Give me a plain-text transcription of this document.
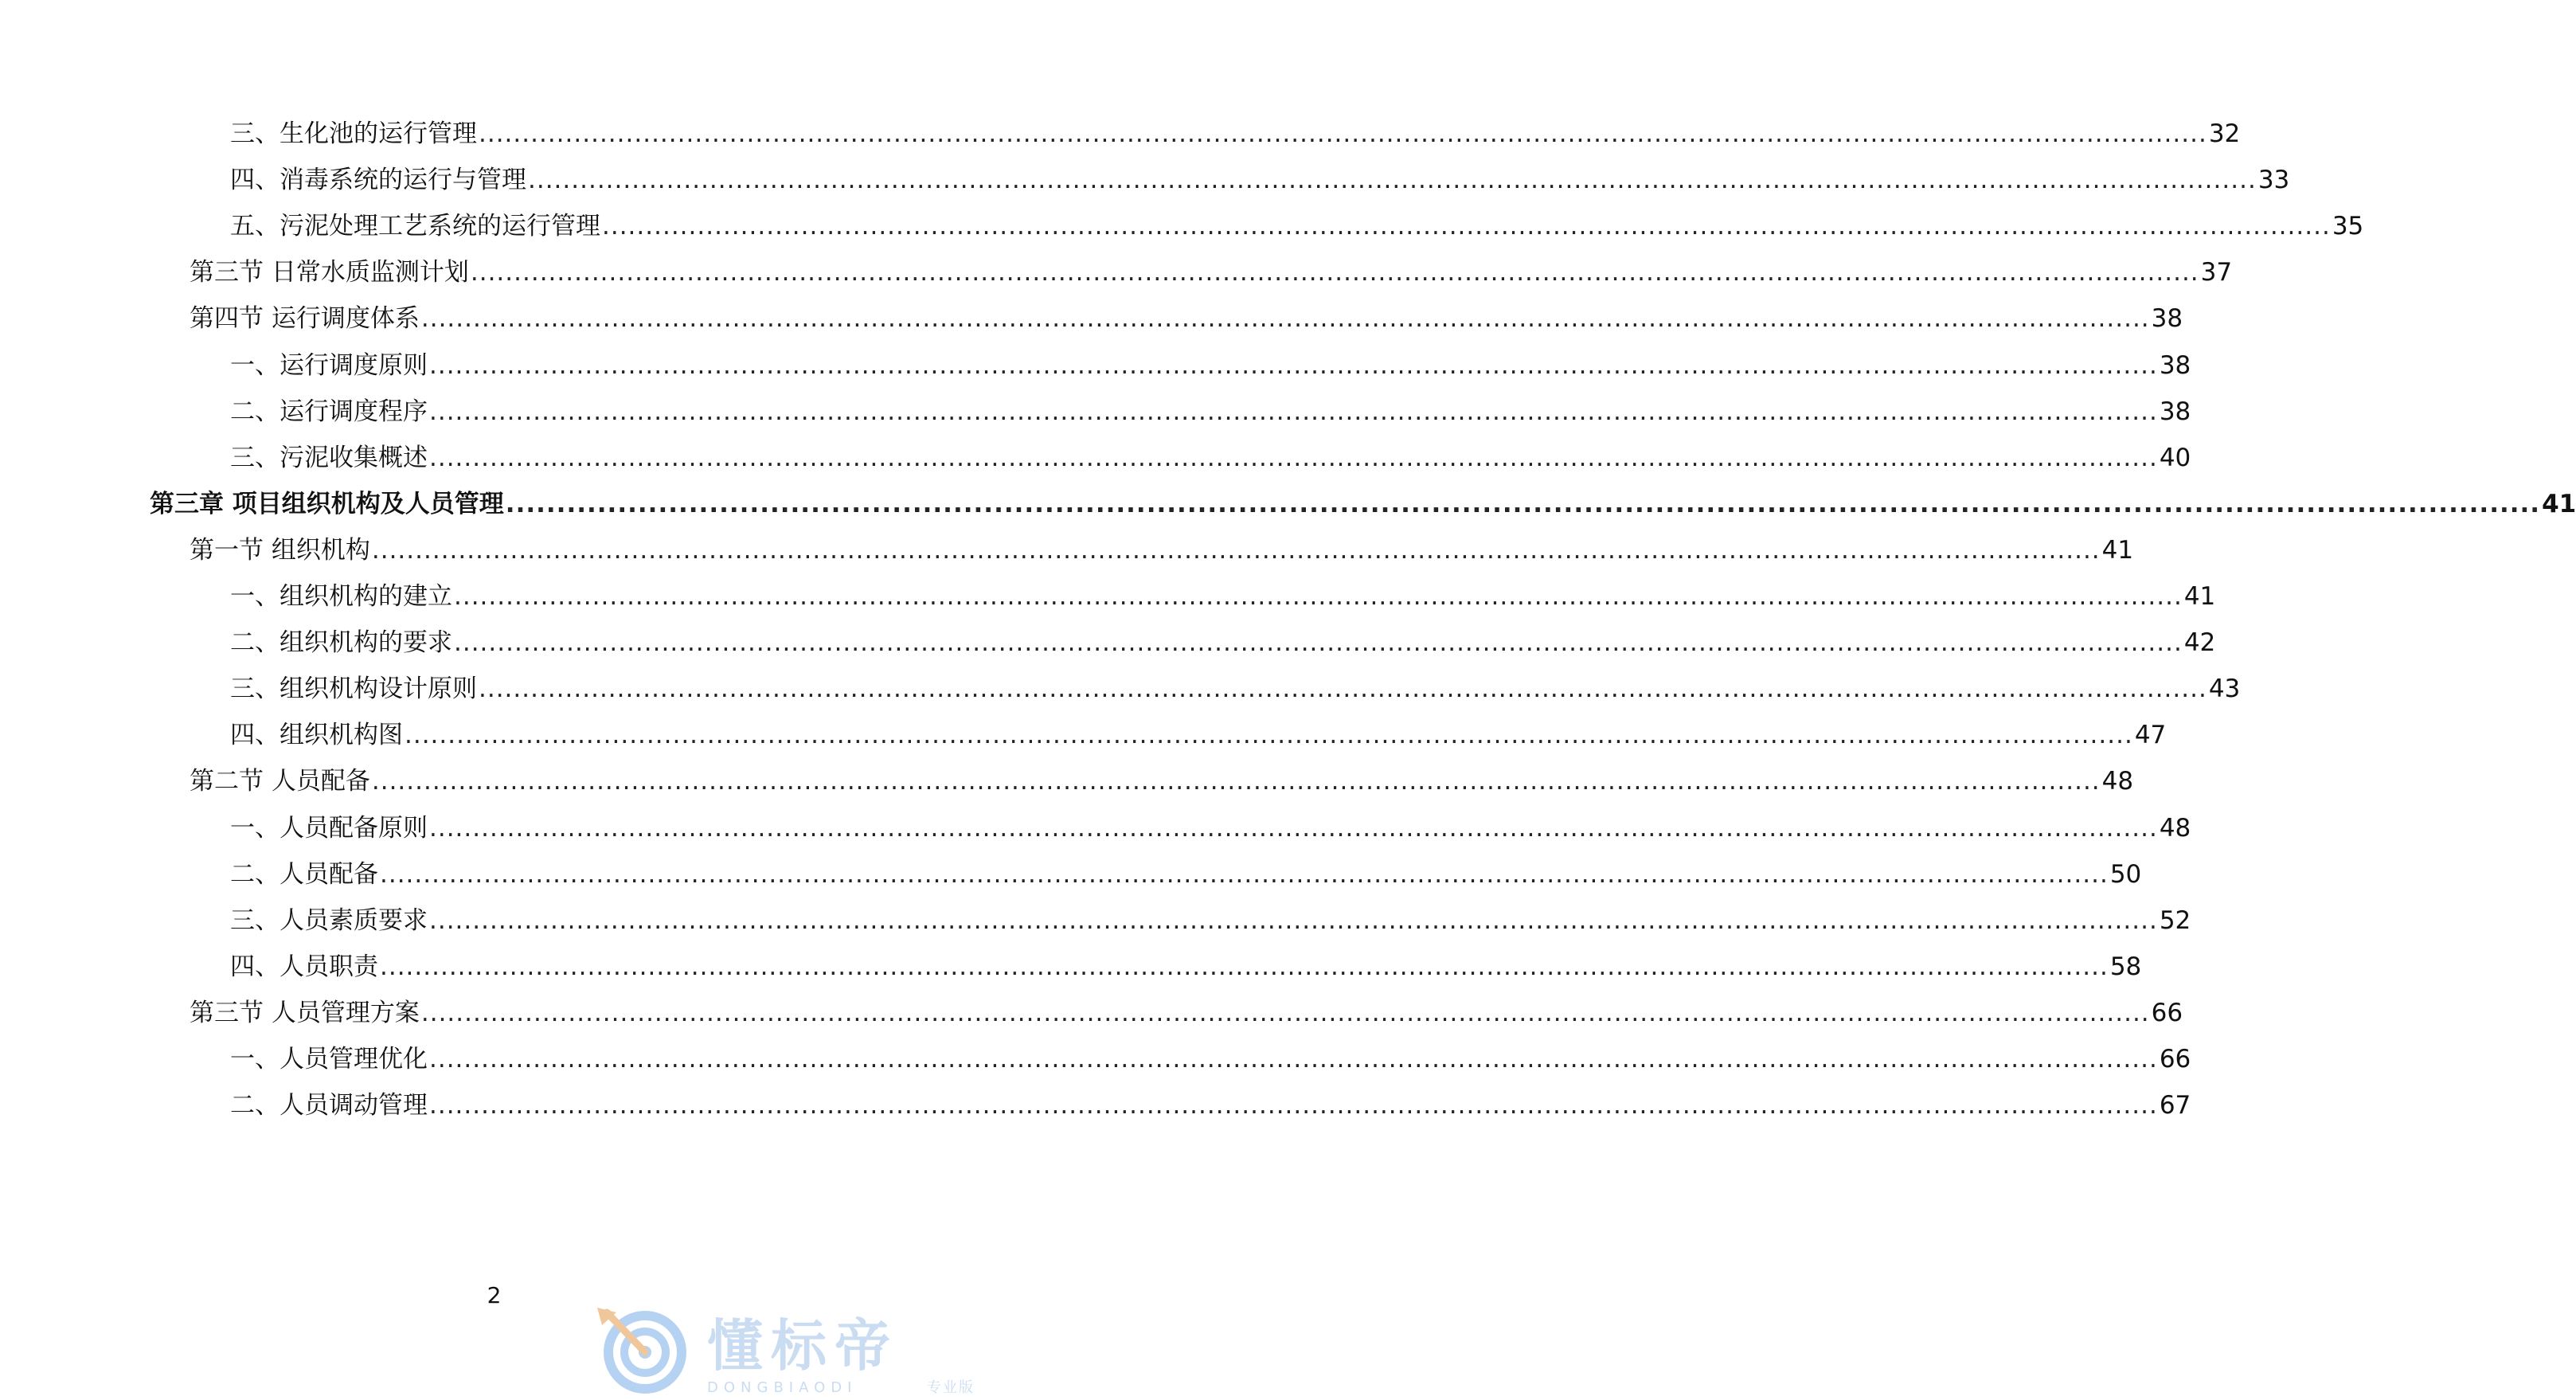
三、生化池的运行管理 ........................................................................................................................................................................................................ 32
四、消毒系统的运行与管理 ........................................................................................................................................................................................................ 33
五、污泥处理工艺系统的运行管理 ........................................................................................................................................................................................................ 35
第三节 日常水质监测计划 ........................................................................................................................................................................................................ 37
第四节 运行调度体系 ........................................................................................................................................................................................................ 38
一、运行调度原则 ........................................................................................................................................................................................................ 38
二、运行调度程序 ........................................................................................................................................................................................................ 38
三、污泥收集概述 ........................................................................................................................................................................................................ 40
第三章 项目组织机构及人员管理 ........................................................................................................................................................................................................ 41
第一节 组织机构 ........................................................................................................................................................................................................ 41
一、组织机构的建立 ........................................................................................................................................................................................................ 41
二、组织机构的要求 ........................................................................................................................................................................................................ 42
三、组织机构设计原则 ........................................................................................................................................................................................................ 43
四、组织机构图 ........................................................................................................................................................................................................ 47
第二节 人员配备 ........................................................................................................................................................................................................ 48
一、人员配备原则 ........................................................................................................................................................................................................ 48
二、人员配备 ........................................................................................................................................................................................................ 50
三、人员素质要求 ........................................................................................................................................................................................................ 52
四、人员职责 ........................................................................................................................................................................................................ 58
第三节 人员管理方案 ........................................................................................................................................................................................................ 66
一、人员管理优化 ........................................................................................................................................................................................................ 66
二、人员调动管理 ........................................................................................................................................................................................................ 67
2
懂标帝
DONGBIAODI	专业版
